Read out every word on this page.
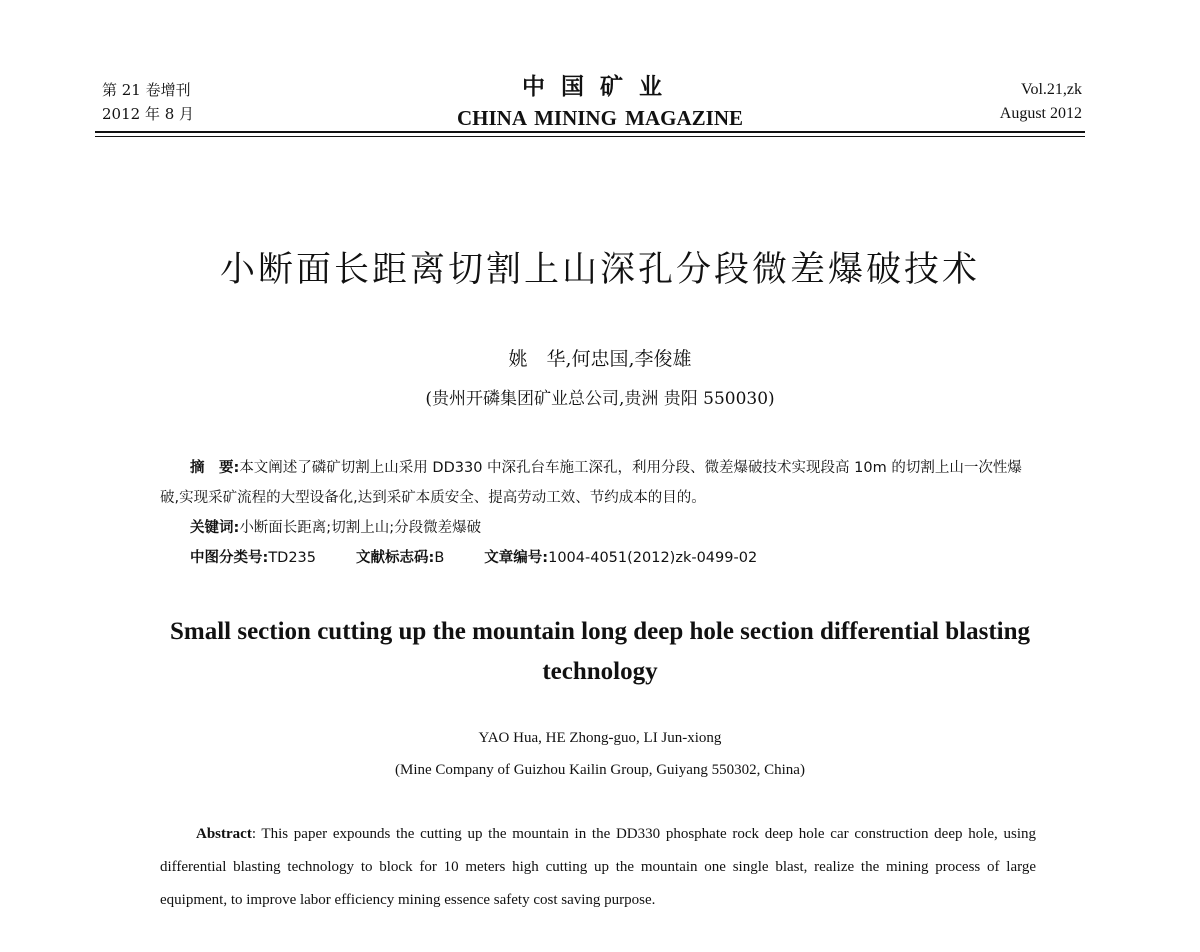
第 21 卷增刊
2012 年 8 月
中国矿业
CHINA MINING MAGAZINE
Vol.21,zk
August 2012
小断面长距离切割上山深孔分段微差爆破技术
姚　华,何忠国,李俊雄
(贵州开磷集团矿业总公司,贵洲 贵阳 550030)

摘　要:本文阐述了磷矿切割上山采用 DD330 中深孔台车施工深孔，利用分段、微差爆破技术实现段高 10m 的切割上山一次性爆破,实现采矿流程的大型设备化,达到采矿本质安全、提高劳动工效、节约成本的目的。

关键词:小断面长距离;切割上山;分段微差爆破

中图分类号:TD235	文献标志码:B	文章编号:1004-4051(2012)zk-0499-02

Small section cutting up the mountain long deep hole section differential blasting technology
YAO Hua, HE Zhong-guo, LI Jun-xiong
(Mine Company of Guizhou Kailin Group, Guiyang 550302, China)

Abstract: This paper expounds the cutting up the mountain in the DD330 phosphate rock deep hole car construction deep hole, using differential blasting technology to block for 10 meters high cutting up the mountain one single blast, realize the mining process of large equipment, to improve labor efficiency mining essence safety cost saving purpose.
